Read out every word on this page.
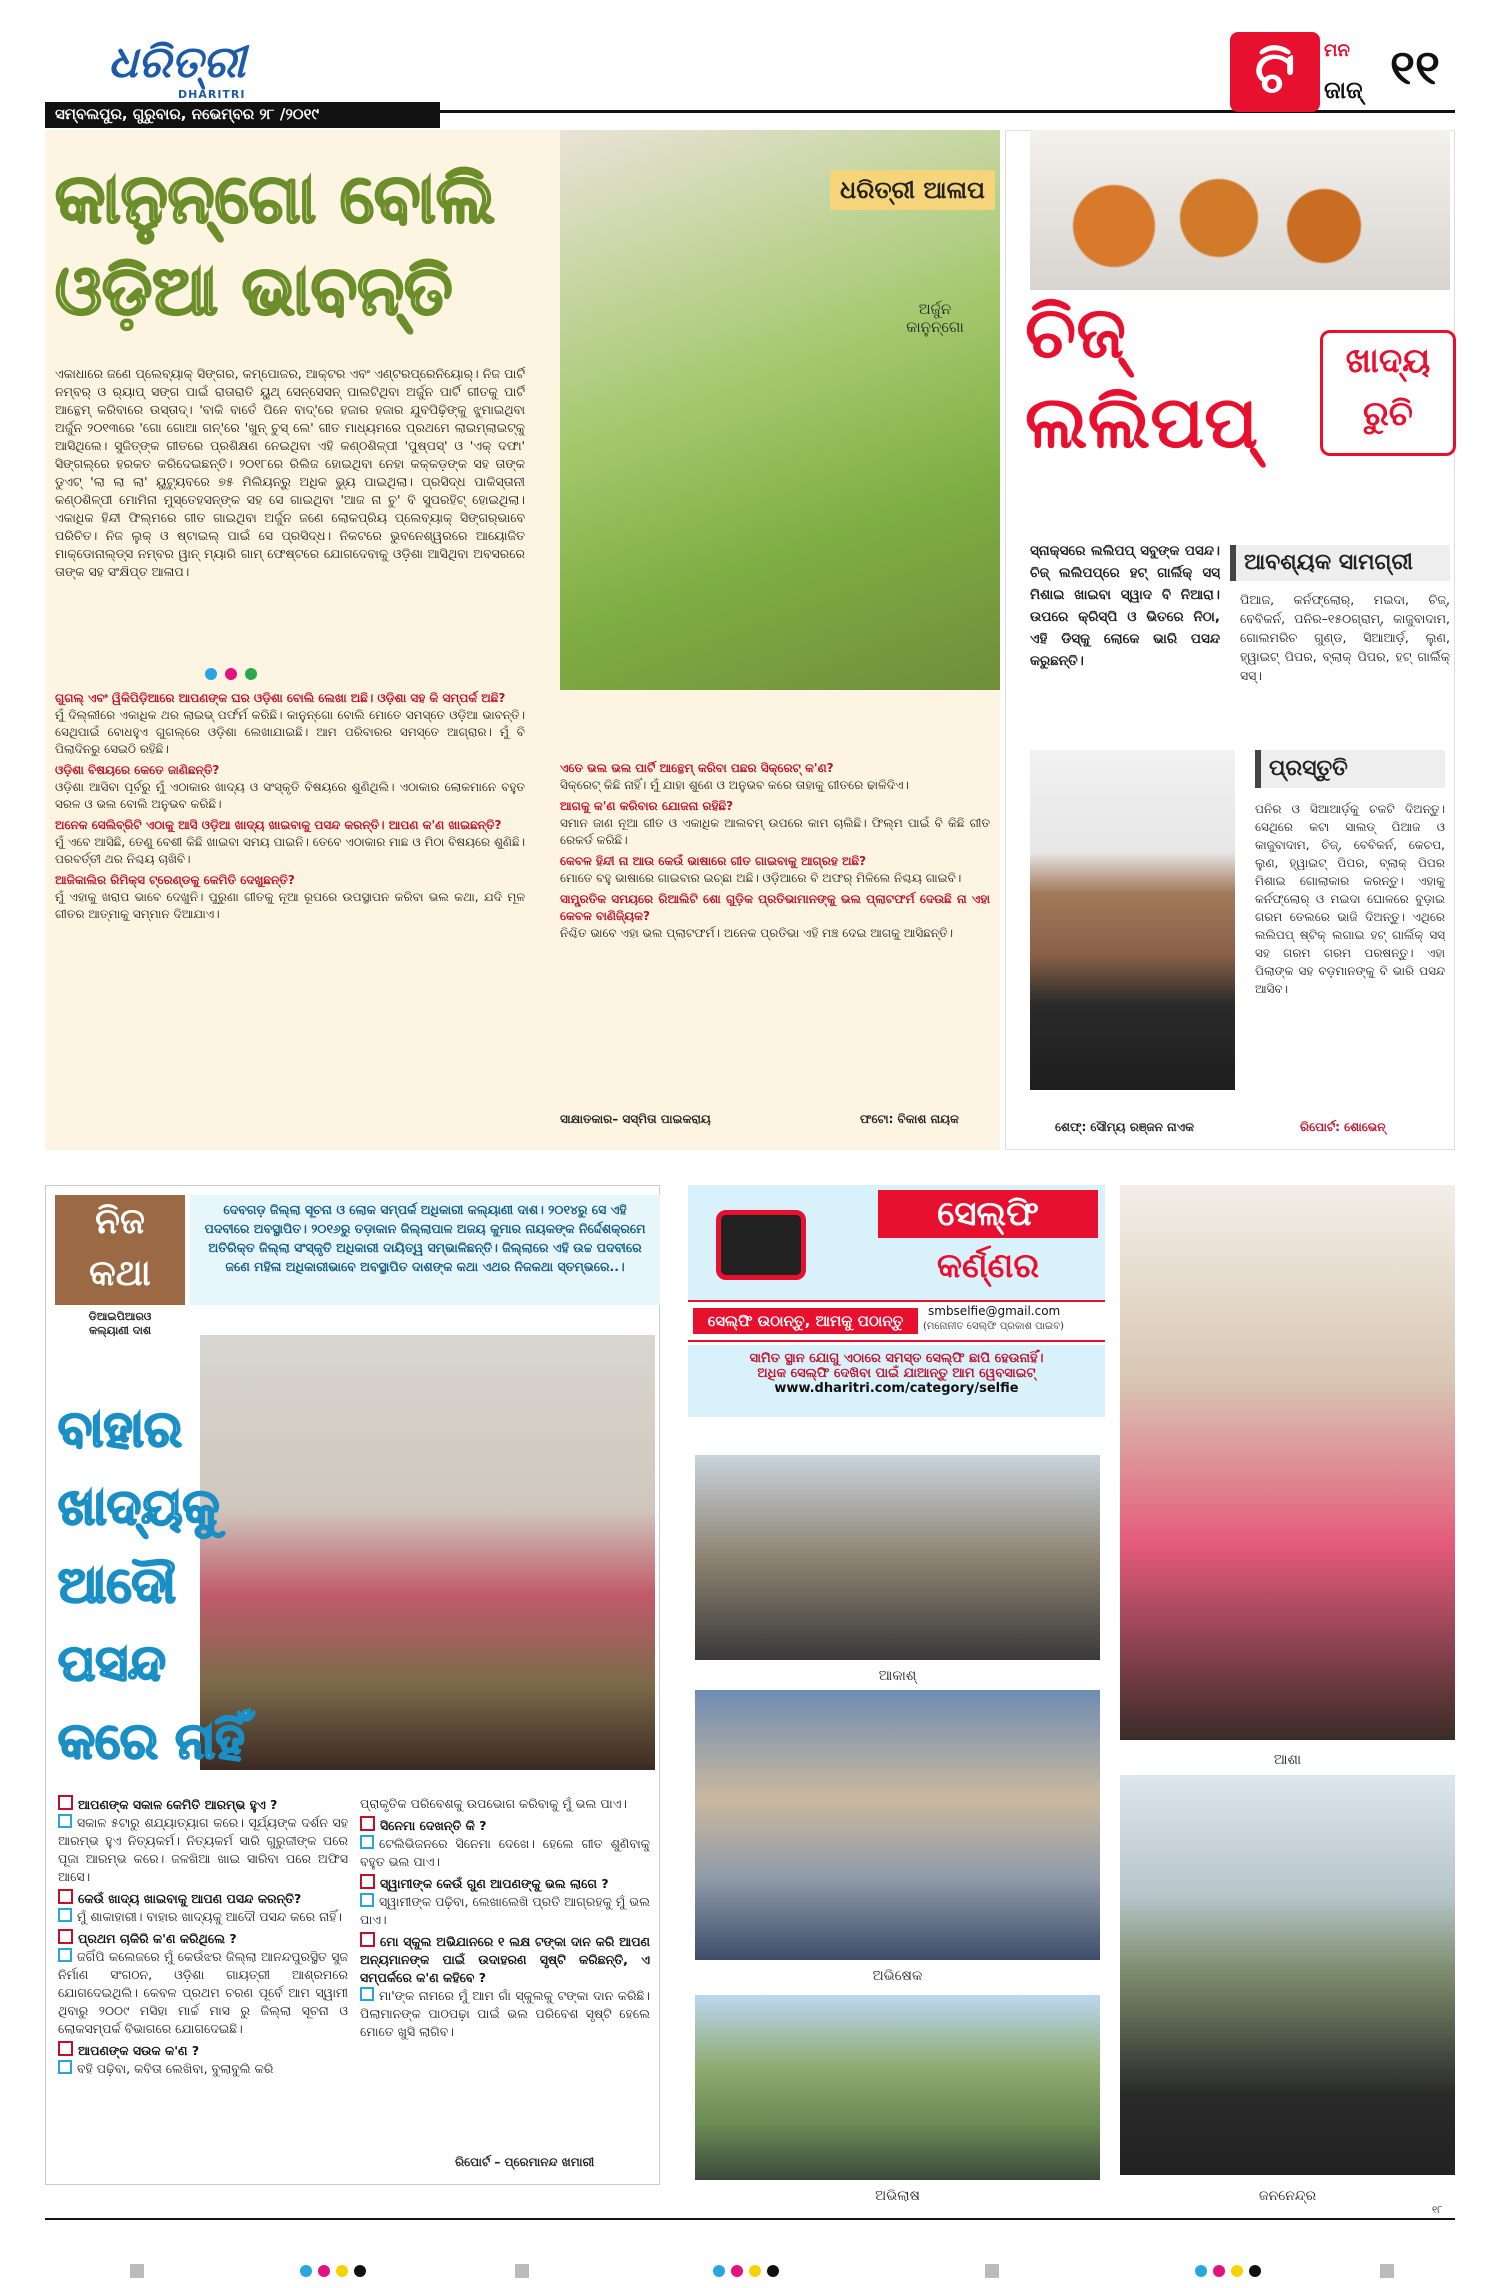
ଧରିତ୍ରୀ
DHARITRI
ସମ୍ବଲପୁର, ଗୁରୁବାର, ନଭେମ୍ବର ୨୮ /୨୦୧୯
ଟି	ମନ
ଜାଜ୍ ୧୧
ଧରିତ୍ରୀ ଆଳାପ
ଅର୍ଜୁନ
କାନୁନ୍‌ଗୋ
କାନୁନ୍‌ଗୋ ବୋଲି
ଓଡ଼ିଆ ଭାବନ୍ତି
ଏକାଧାରେ ଜଣେ ପ୍ଲେବ୍ୟାକ୍ ସିଙ୍ଗର, କମ୍ପୋଜର, ଆକ୍ଟର ଏବଂ ଏଣ୍ଟରପ୍ରେନିୟୋର୍। ନିଜ ପାର୍ଟି ନମ୍ବର୍ ଓ ର‌୍ୟାପ୍ ସଙ୍ଗ ପାଇଁ ରାତାରାତି ୟୁଥ୍ ସେନ୍‌ସେସନ୍ ପାଲଟିଥିବା ଅର୍ଜୁନ ପାର୍ଟି ଗୀତକୁ ପାର୍ଟି ଆନ୍ଥେମ୍ କରିବାରେ ଉସ୍ତାଦ୍। 'ବାକି ବାତେଁ ପିନେ ବାଦ୍'ରେ ହଜାର ହଜାର ଯୁବପିଢ଼ିଙ୍କୁ ଝୁମାଇଥିବା ଅର୍ଜୁନ ୨୦୧୩ରେ 'ଗୋ ଗୋଆ ଗନ୍'ରେ 'ଖୁନ୍ ଚୁସ୍ ଲେ' ଗୀତ ମାଧ୍ୟମରେ ପ୍ରଥମେ ଲାଇମ୍‌ଲାଇଟ୍‌କୁ ଆସିଥିଲେ। ସୁଜିତ୍‌ଙ୍କ ଗୀତରେ ପ୍ରଶିକ୍ଷଣ ନେଇଥିବା ଏହି କଣ୍ଠଶିଳ୍ପୀ 'ପୁଷ୍ପସ୍' ଓ 'ଏକ୍ ଦଫା' ସିଙ୍ଗଲ୍‌ରେ ହରକତ କରିଦେଇଛନ୍ତି। ୨୦୧୮ରେ ରିଲିଜ ହୋଇଥିବା ନେହା କକ୍କଡ଼ଙ୍କ ସହ ତାଙ୍କ ଡୁଏଟ୍ 'ଲା ଲା ଲା' ୟୁଟ୍ୟୁବରେ ୭୫ ମିଲିୟନ୍‌ରୁ ଅଧିକ ଭ୍ୟୁ ପାଇଥିଲା। ପ୍ରସିଦ୍ଧ ପାକିସ୍ତାନୀ କଣ୍ଠଶିଳ୍ପୀ ମୋମିନା ମୁସ୍ତେହସନ୍‌ଙ୍କ ସହ ସେ ଗାଇଥିବା 'ଆଜ ନା ଚୁ' ବି ସୁପରହିଟ୍ ହୋଇଥିଲା। ଏକାଧିକ ହିନ୍ଦୀ ଫିଲ୍ମରେ ଗୀତ ଗାଇଥିବା ଅର୍ଜୁନ ଜଣେ ଲୋକପ୍ରିୟ ପ୍ଲେବ୍ୟାକ୍ ସିଙ୍ଗର୍‌ଭାବେ ପରିଚିତ। ନିଜ ଲୁକ୍ ଓ ଷ୍ଟାଇଲ୍ ପାଇଁ ସେ ପ୍ରସିଦ୍ଧ। ନିକଟରେ ଭୁବନେଶ୍ୱରରେ ଆୟୋଜିତ ମାକ୍‌ଡୋନାଲ୍ଡ୍‌ସ ନମ୍ବର ୱାନ୍ ମ୍ୟାରି ଗାମ୍ ଫେଷ୍ଟରେ ଯୋଗଦେବାକୁ ଓଡ଼ିଶା ଆସିଥିବା ଅବସରରେ ତାଙ୍କ ସହ ସଂକ୍ଷିପ୍ତ ଆଳାପ।
ଗୁଗଲ୍ ଏବଂ ୱିକିପିଡ଼ିଆରେ ଆପଣଙ୍କ ଘର ଓଡ଼ିଶା ବୋଲି ଲେଖା ଅଛି। ଓଡ଼ିଶା ସହ କି ସମ୍ପର୍କ ଅଛି?
ମୁଁ ଦିଲ୍ଲୀରେ ଏକାଧିକ ଥର ଲାଇଭ୍ ପର୍ଫର୍ମ କରିଛି। କାନୁନ୍‌ଗୋ ବୋଲି ମୋତେ ସମସ୍ତେ ଓଡ଼ିଆ ଭାବନ୍ତି। ସେଥିପାଇଁ ବୋଧହୁଏ ଗୁଗଲ୍‌ରେ ଓଡ଼ିଶା ଲେଖାଯାଇଛି। ଆମ ପରିବାରର ସମସ୍ତେ ଆଗ୍ରାର। ମୁଁ ବି ପିଲାଦିନରୁ ସେଇଠି ରହିଛି।
ଓଡ଼ିଶା ବିଷୟରେ କେତେ ଜାଣିଛନ୍ତି?
ଓଡ଼ିଶା ଆସିବା ପୂର୍ବରୁ ମୁଁ ଏଠାକାର ଖାଦ୍ୟ ଓ ସଂସ୍କୃତି ବିଷୟରେ ଶୁଣିଥିଲି। ଏଠାକାର ଲୋକମାନେ ବହୁତ ସରଳ ଓ ଭଲ ବୋଲି ଅନୁଭବ କରିଛି।
ଅନେକ ସେଲିବ୍ରିଟି ଏଠାକୁ ଆସି ଓଡ଼ିଆ ଖାଦ୍ୟ ଖାଇବାକୁ ପସନ୍ଦ କରନ୍ତି। ଆପଣ କ'ଣ ଖାଇଛନ୍ତି?
ମୁଁ ଏବେ ଆସିଛି, ତେଣୁ ବେଶୀ କିଛି ଖାଇବା ସମୟ ପାଇନି। ତେବେ ଏଠାକାର ମାଛ ଓ ମିଠା ବିଷୟରେ ଶୁଣିଛି। ପରବର୍ତ୍ତୀ ଥର ନିଶ୍ଚୟ ଚାଖିବି।
ଆଜିକାଲିର ରିମିକ୍ସ ଟ୍ରେଣ୍ଡକୁ କେମିତି ଦେଖୁଛନ୍ତି?
ମୁଁ ଏହାକୁ ଖରାପ ଭାବେ ଦେଖୁନି। ପୁରୁଣା ଗୀତକୁ ନୂଆ ରୂପରେ ଉପସ୍ଥାପନ କରିବା ଭଲ କଥା, ଯଦି ମୂଳ ଗୀତର ଆତ୍ମାକୁ ସମ୍ମାନ ଦିଆଯାଏ।
ଏତେ ଭଲ ଭଲ ପାର୍ଟି ଆନ୍ଥେମ୍ କରିବା ପଛର ସିକ୍ରେଟ୍ କ'ଣ?
ସିକ୍ରେଟ୍ କିଛି ନାହିଁ। ମୁଁ ଯାହା ଶୁଣେ ଓ ଅନୁଭବ କରେ ତାହାକୁ ଗୀତରେ ଢାଳିଦିଏ।
ଆଗକୁ କ'ଣ କରିବାର ଯୋଜନା ରହିଛି?
ସମାନ ଜାଣ ନୂଆ ଗୀତ ଓ ଏକାଧିକ ଆଲବମ୍ ଉପରେ କାମ ଚାଲିଛି। ଫିଲ୍ମ ପାଇଁ ବି କିଛି ଗୀତ ରେକର୍ଡ କରିଛି।
କେବଳ ହିନ୍ଦୀ ନା ଆଉ କେଉଁ ଭାଷାରେ ଗୀତ ଗାଇବାକୁ ଆଗ୍ରହ ଅଛି?
ମୋତେ ବହୁ ଭାଷାରେ ଗାଇବାର ଇଚ୍ଛା ଅଛି। ଓଡ଼ିଆରେ ବି ଅଫର୍ ମିଳିଲେ ନିଶ୍ଚୟ ଗାଇବି।
ସାମ୍ପ୍ରତିକ ସମୟରେ ରିଆଲିଟି ଶୋ ଗୁଡ଼ିକ ପ୍ରତିଭାମାନଙ୍କୁ ଭଲ ପ୍ଲାଟଫର୍ମ ଦେଉଛି ନା ଏହା କେବଳ ବାଣିଜ୍ୟିକ?
ନିଶ୍ଚିତ ଭାବେ ଏହା ଭଲ ପ୍ଲାଟଫର୍ମ। ଅନେକ ପ୍ରତିଭା ଏହି ମଞ୍ଚ ଦେଇ ଆଗକୁ ଆସିଛନ୍ତି।
ସାକ୍ଷାତକାର– ସସ୍ମିତା ପାଇକରାୟ	ଫଟୋ: ବିକାଶ ନାୟକ
ଚିଜ୍
ଲଲିପପ୍
ଖାଦ୍ୟ
ରୁଚି
ସ୍ନାକ୍ସରେ ଲଲିପପ୍ ସବୁଙ୍କ ପସନ୍ଦ। ଚିଜ୍ ଲଲିପପ୍‌ରେ ହଟ୍ ଗାର୍ଲିକ୍ ସସ୍ ମିଶାଇ ଖାଇବା ସ୍ୱାଦ ବି ନିଆରା। ଉପରେ କ୍ରିସ୍ପି ଓ ଭିତରେ ନିଠା, ଏହି ଡିସ୍‌କୁ ଲୋକେ ଭାରି ପସନ୍ଦ କରୁଛନ୍ତି।
ଆବଶ୍ୟକ ସାମଗ୍ରୀ
ପିଆଜ, କର୍ନଫ୍ଲୋର୍, ମଇଦା, ଚିଜ୍, ବେବିକର୍ନ, ପନିର–୧୫୦ଗ୍ରାମ୍, କାଜୁବାଦାମ, ଗୋଲମରିଚ ଗୁଣ୍ଡ, ସିଆଆର୍ଡ଼, ଲୁଣ, ହ୍ୱାଇଟ୍ ପିପର, ବ୍ଲାକ୍ ପିପର, ହଟ୍ ଗାର୍ଲିକ୍ ସସ୍।
ପ୍ରସ୍ତୁତି
ପନିର ଓ ସିଆଆର୍ଡ଼କୁ ଚକଟି ଦିଅନ୍ତୁ। ସେଥିରେ କଟା ସାଲଡ୍ ପିଆଜ ଓ କାଜୁବାଦାମ, ଚିଜ୍, ବେବିକର୍ନ, କେଚପ, ଲୁଣ, ହ୍ୱାଇଟ୍ ପିପର, ବ୍ଲାକ୍ ପିପର ମିଶାଇ ଗୋଲାକାର କରନ୍ତୁ। ଏହାକୁ କର୍ନଫ୍ଲୋର୍ ଓ ମଇଦା ଘୋଳରେ ବୁଡ଼ାଇ ଗରମ ତେଲରେ ଭାଜି ଦିଅନ୍ତୁ। ଏଥିରେ ଲଲିପପ୍ ଷ୍ଟିକ୍ ଲଗାଇ ହଟ୍ ଗାର୍ଲିକ୍ ସସ୍ ସହ ଗରମ ଗରମ ପରଷନ୍ତୁ। ଏହା ପିଲାଙ୍କ ସହ ବଡ଼ମାନଙ୍କୁ ବି ଭାରି ପସନ୍ଦ ଆସିବ।
ଶେଫ୍: ସୌମ୍ୟ ରଞ୍ଜନ ନାଏକ	ରିପୋର୍ଟ: ଶୋଭେନ୍
ନିଜ
କଥା
ଡିଆଇପିଆରଓ
କଲ୍ୟାଣୀ ଦାଶ
ଦେବଗଡ଼ ଜିଲ୍ଲା ସୂଚନା ଓ ଲୋକ ସମ୍ପର୍କ ଅଧିକାରୀ କଲ୍ୟାଣୀ ଦାଶ। ୨୦୧୪ରୁ ସେ ଏହି ପଦବୀରେ ଅବସ୍ଥାପିତ। ୨୦୧୬ରୁ ତଡ଼ାକାନ ଜିଲ୍ଲାପାଳ ଅଜୟ କୁମାର ନାୟକଙ୍କ ନିର୍ଦ୍ଦେଶକ୍ରମେ ଅତିରିକ୍ତ ଜିଲ୍ଲା ସଂସ୍କୃତି ଅଧିକାରୀ ଦାୟିତ୍ୱ ସମ୍ଭାଳିଛନ୍ତି। ଜିଲ୍ଲାରେ ଏହି ଉଚ୍ଚ ପଦବୀରେ ଜଣେ ମହିଳା ଅଧିକାରୀଭାବେ ଅବସ୍ଥାପିତ ଦାଶଙ୍କ କଥା ଏଥର ନିଜକଥା ସ୍ତମ୍ଭରେ..।
ବାହାର
ଖାଦ୍ୟକୁ
ଆଦୌ
ପସନ୍ଦ
କରେ ନାହିଁ
ଆପଣଙ୍କ ସକାଳ କେମିତି ଆରମ୍ଭ ହୁଏ ?
ସକାଳ ୫ଟାରୁ ଶଯ୍ୟାତ୍ୟାଗ କରେ। ସୂର୍ଯ୍ୟଙ୍କ ଦର୍ଶନ ସହ ଆରମ୍ଭ ହୁଏ ନିତ୍ୟକର୍ମ। ନିତ୍ୟକର୍ମ ସାରି ଗୁରୁଜୀଙ୍କ ପରେ ପୂଜା ଆରମ୍ଭ କରେ। ଜଳଖିଆ ଖାଇ ସାରିବା ପରେ ଅଫିସ ଆସେ।
କେଉଁ ଖାଦ୍ୟ ଖାଇବାକୁ ଆପଣ ପସନ୍ଦ କରନ୍ତି?
ମୁଁ ଶାକାହାରୀ। ବାହାର ଖାଦ୍ୟକୁ ଆଦୌ ପସନ୍ଦ କରେ ନାହିଁ।
ପ୍ରଥମ ଚାକିରି କ'ଣ କରିଥିଲେ ?
ଜଗିଁପି କଲେଜରେ ମୁଁ କେଉଁଝର ଜିଲ୍ଲା ଆନନ୍ଦପୁରସ୍ଥିତ ସୁଜ ନିର୍ମାଣ ସଂଗଠନ, ଓଡ଼ିଶା ଗାୟତ୍ରୀ ଆଶ୍ରମରେ ଯୋଗଦେଇଥିଲି। କେବଳ ପ୍ରଥମ ଚରଣ ପୂର୍ବେ ଆମ ସ୍ୱାମୀ ଥିବାରୁ ୨୦୦୯ ମସିହା ମାର୍ଚ୍ଚ ମାସ ରୁ ଜିଲ୍ଲା ସୂଚନା ଓ ଲୋକସମ୍ପର୍କ ବିଭାଗରେ ଯୋଗଦେଇଛି।
ଆପଣଙ୍କ ସଉକ କ'ଣ ?
ବହି ପଢ଼ିବା, କବିତା ଲେଖିବା, ବୁଲାବୁଲି କରି
ପ୍ରାକୃତିକ ପରିବେଶକୁ ଉପଭୋଗ କରିବାକୁ ମୁଁ ଭଲ ପାଏ।
ସିନେମା ଦେଖନ୍ତି କି ?
ଟେଲିଭିଜନରେ ସିନେମା ଦେଖେ। ହେଲେ ଗୀତ ଶୁଣିବାକୁ ବହୁତ ଭଲ ପାଏ।
ସ୍ୱାମୀଙ୍କ କେଉଁ ଗୁଣ ଆପଣଙ୍କୁ ଭଲ ଲାଗେ ?
ସ୍ୱାମୀଙ୍କ ପଢ଼ିବା, ଲେଖାଲେଖି ପ୍ରତି ଆଗ୍ରହକୁ ମୁଁ ଭଲ ପାଏ।
ମୋ ସ୍କୁଲ ଅଭିଯାନରେ ୧ ଲକ୍ଷ ଟଙ୍କା ଦାନ କରି ଆପଣ ଅନ୍ୟମାନଙ୍କ ପାଇଁ ଉଦାହରଣ ସୃଷ୍ଟି କରିଛନ୍ତି, ଏ ସମ୍ପର୍କରେ କ'ଣ କହିବେ ?
ମା'ଙ୍କ ନାମରେ ମୁଁ ଆମ ଗାଁ ସ୍କୁଲକୁ ଟଙ୍କା ଦାନ କରିଛି। ପିଲାମାନଙ୍କ ପାଠପଢ଼ା ପାଇଁ ଭଲ ପରିବେଶ ସୃଷ୍ଟି ହେଲେ ମୋତେ ଖୁସି ଲାଗିବ।
ରିପୋର୍ଟ – ପ୍ରେମାନନ୍ଦ ଖମାରୀ
ସେଲ୍‌ଫି
କର୍ଣ୍ଣର
ସେଲ୍‌ଫି ଉଠାନ୍ତୁ, ଆମକୁ ପଠାନ୍ତୁ
smbselfie@gmail.com
(ମନୋନୀତ ସେଲ୍‌ଫି ପ୍ରକାଶ ପାଇବ)
ସାମିତ ସ୍ଥାନ ଯୋଗୁ ଏଠାରେ ସମସ୍ତ ସେଲ୍‌ଫି ଛାପି ହେଉନାହିଁ।
ଅଧିକ ସେଲ୍‌ଫି ଦେଖିବା ପାଇଁ ଯାଆନ୍ତୁ ଆମ ୱେବସାଇଟ୍
www.dharitri.com/category/selfie
ଆକାଶ୍
ଅଭିଷେକ
ଅଭିଲାଷ
ଆଶା
ଜନନେନ୍ଦ୍ର
୧୮
